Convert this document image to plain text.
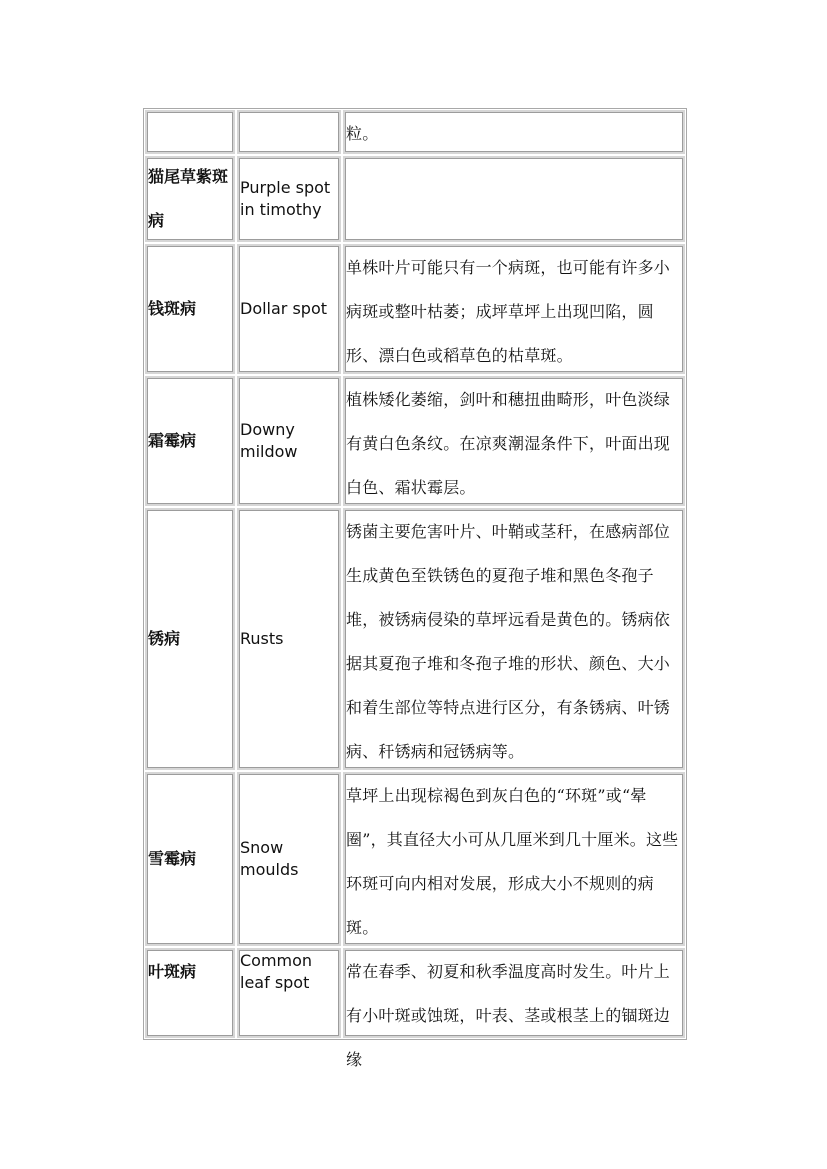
粒。
猫尾草紫斑病
Purple spot in timothy
钱斑病	Dollar spot
单株叶片可能只有一个病斑，也可能有许多小病斑或整叶枯萎；成坪草坪上出现凹陷，圆形、漂白色或稻草色的枯草斑。
霜霉病
Downy mildow
植株矮化萎缩，剑叶和穗扭曲畸形，叶色淡绿有黄白色条纹。在凉爽潮湿条件下，叶面出现白色、霜状霉层。
锈病	Rusts
锈菌主要危害叶片、叶鞘或茎秆，在感病部位生成黄色至铁锈色的夏孢子堆和黑色冬孢子堆，被锈病侵染的草坪远看是黄色的。锈病依据其夏孢子堆和冬孢子堆的形状、颜色、大小和着生部位等特点进行区分，有条锈病、叶锈病、秆锈病和冠锈病等。
雪霉病
Snow moulds
草坪上出现棕褐色到灰白色的“环斑”或“晕圈”，其直径大小可从几厘米到几十厘米。这些环斑可向内相对发展，形成大小不规则的病斑。
叶斑病
Common leaf spot
常在春季、初夏和秋季温度高时发生。叶片上有小叶斑或蚀斑，叶表、茎或根茎上的锢斑边缘
